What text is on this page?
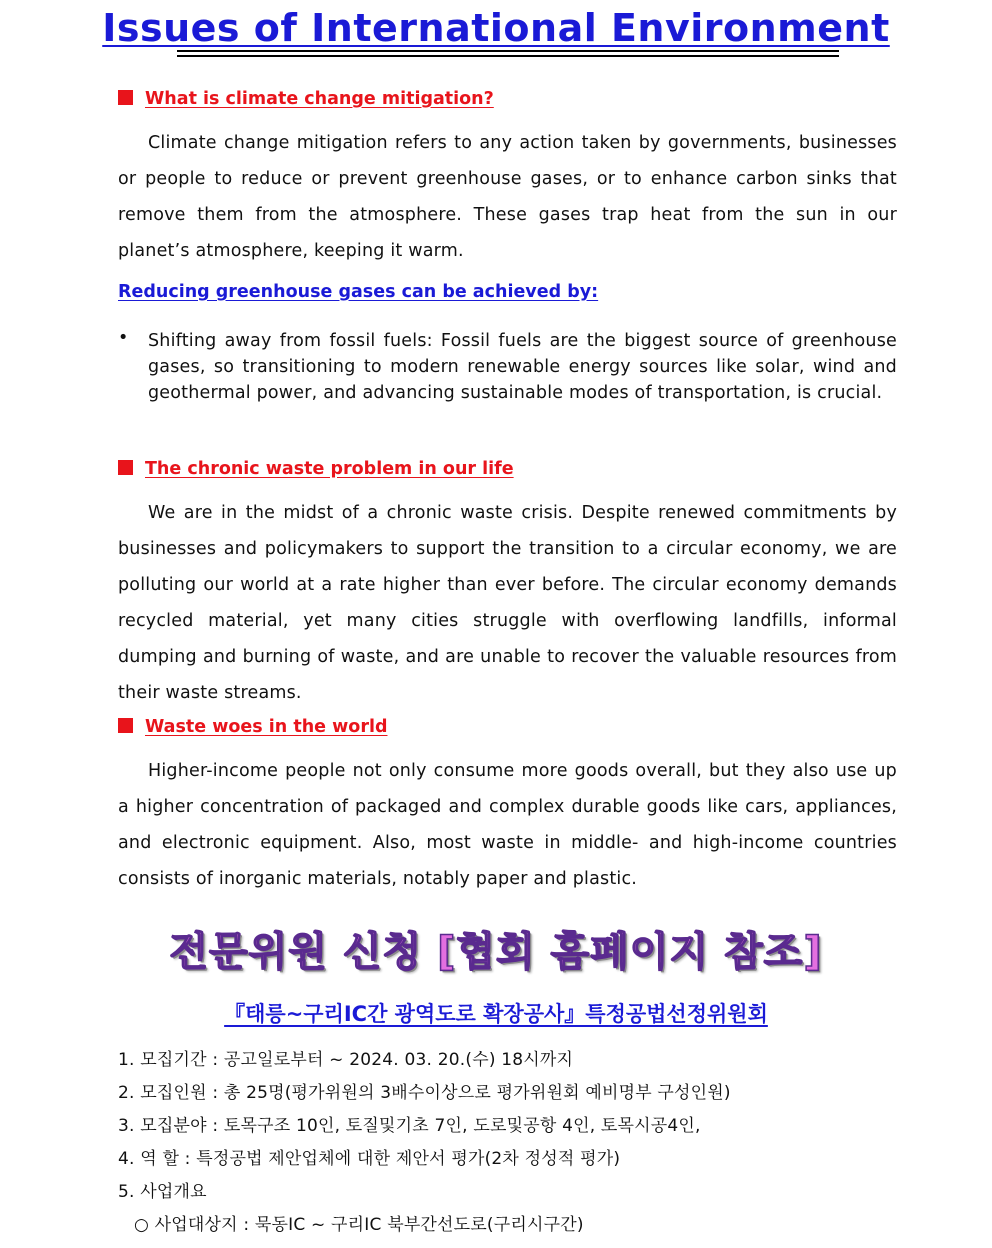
Issues of International Environment
What is climate change mitigation?

Climate change mitigation refers to any action taken by governments, businesses or people to reduce or prevent greenhouse gases, or to enhance carbon sinks that remove them from the atmosphere. These gases trap heat from the sun in our planet’s atmosphere, keeping it warm.

Reducing greenhouse gases can be achieved by:
• Shifting away from fossil fuels: Fossil fuels are the biggest source of greenhouse gases, so transitioning to modern renewable energy sources like solar, wind and geothermal power, and advancing sustainable modes of transportation, is crucial.

The chronic waste problem in our life

We are in the midst of a chronic waste crisis. Despite renewed commitments by businesses and policymakers to support the transition to a circular economy, we are polluting our world at a rate higher than ever before. The circular economy demands recycled material, yet many cities struggle with overflowing landfills, informal dumping and burning of waste, and are unable to recover the valuable resources from their waste streams.

Waste woes in the world

Higher-income people not only consume more goods overall, but they also use up a higher concentration of packaged and complex durable goods like cars, appliances, and electronic equipment. Also, most waste in middle- and high-income countries consists of inorganic materials, notably paper and plastic.

전문위원 신청 [협회 홈페이지 참조]
『태릉~구리IC간 광역도로 확장공사』특정공법선정위원회
1. 모집기간 : 공고일로부터 ~ 2024. 03. 20.(수) 18시까지
2. 모집인원 : 총 25명(평가위원의 3배수이상으로 평가위원회 예비명부 구성인원)
3. 모집분야 : 토목구조 10인, 토질및기초 7인, 도로및공항 4인, 토목시공4인,
4. 역 할 : 특정공법 제안업체에 대한 제안서 평가(2차 정성적 평가)
5. 사업개요
○ 사업대상지 : 묵동IC ~ 구리IC 북부간선도로(구리시구간)
